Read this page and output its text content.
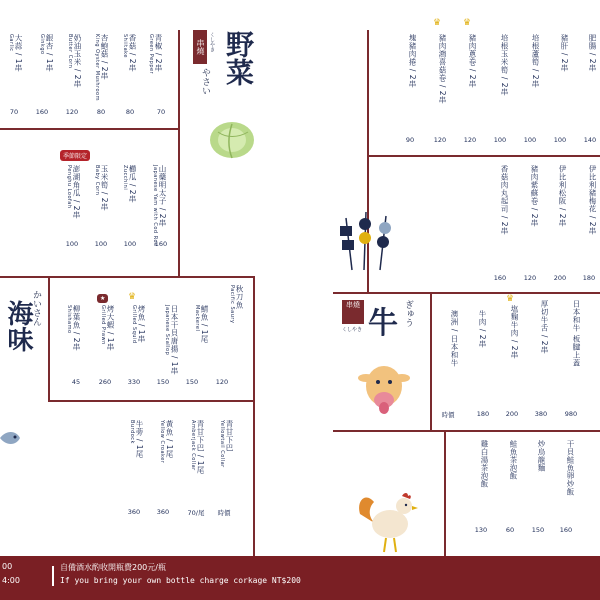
串燒 くしやき 野菜
やさい
青椒 / 2串
Green Pepper
70
香菇 / 2串
Shiitake
80
杏鮑菇 / 2串
King Oyster Mushroom
80
奶油玉米 / 2串
Butter Corn
120
銀杏 / 1串
Ginkgo
160
大蒜 / 1串
Garlic
70
山藥明太子 / 2串
Japanese Yam with Cod Roe
160
櫛瓜 / 2串
Zucchini
100
玉米筍 / 2串
Baby Corn
100
季節限定
澎湖角瓜 / 2串
Penghu Loofah
100
海味
かいさん	秋刀魚
Pacific Saury
120
鯖魚 / 1尾
Mackerel
150
日本干貝唐揚 / 1串
Japanese Scallop
150
♛
烤魚 / 1串
Grilled Squid
330
★
烤大蝦 / 1串
Grilled Prawn
260
柳葉魚 / 2串
Shishamo
45
青甘下巴
Yellowtail Collar
時價
青甘下巴 / 1尾
Amberjack Collar
70/尾
黃魚 / 1尾
Yellow Croaker
360
牛蒡 / 1尾
Burdock
360
♛ ♛
肥腸 / 2串
140
豬肝 / 2串
100
培根蘆筍 / 2串
100
培根玉米筍 / 2串
100
豬肉蔥卷 / 2串
120
豬肉鴻喜菇卷 / 2串
120
塊豬肉捲 / 2串
90
伊比利豬梅花 / 2串
180
伊比利松阪 / 2串
200
豬肉紫蘇卷 / 2串
120
香菇肉丸起司 / 2串
160
串燒
くしやき 牛 ぎゅう
♛
日本和牛 板腱上蓋
980
厚切牛舌 / 2串
380
塩麴牛肉 / 2串
200
牛肉 / 2串
180
澳洲 / 日本和牛
時價
干貝鮭魚卵炒飯
160
炒烏龍麵
150
鮭魚茶泡飯
60
雞白湯茶泡飯
130
00
4:00
自備酒水酌收開瓶費200元/瓶
If you bring your own bottle charge corkage NT$200
